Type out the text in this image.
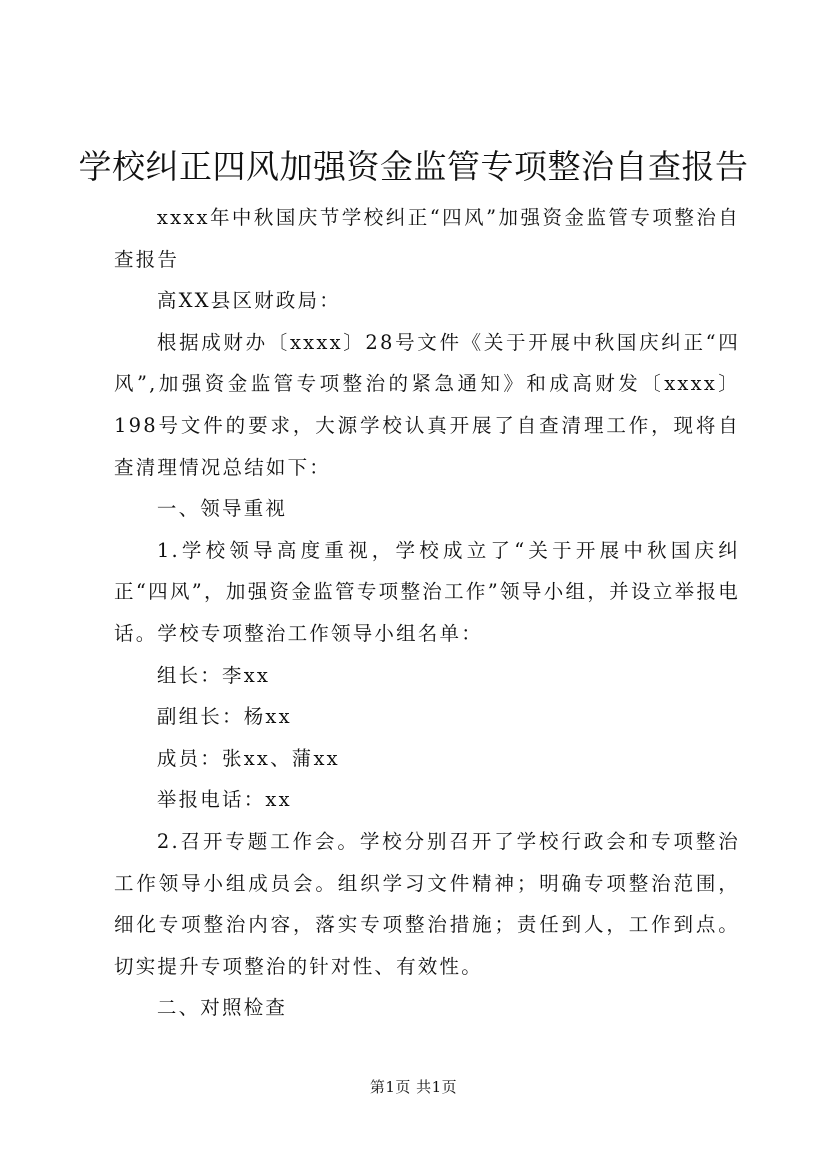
学校纠正四风加强资金监管专项整治自查报告

xxxx年中秋国庆节学校纠正“四风”加强资金监管专项整治自查报告

高XX县区财政局：

根据成财办〔xxxx〕28号文件《关于开展中秋国庆纠正“四风”,加强资金监管专项整治的紧急通知》和成高财发〔xxxx〕198号文件的要求，大源学校认真开展了自查清理工作，现将自查清理情况总结如下：

一、领导重视

1.学校领导高度重视，学校成立了“关于开展中秋国庆纠正“四风”，加强资金监管专项整治工作”领导小组，并设立举报电话。学校专项整治工作领导小组名单：

组长：李xx

副组长：杨xx

成员：张xx、蒲xx

举报电话：xx

2.召开专题工作会。学校分别召开了学校行政会和专项整治工作领导小组成员会。组织学习文件精神；明确专项整治范围，细化专项整治内容，落实专项整治措施；责任到人，工作到点。切实提升专项整治的针对性、有效性。

二、对照检查

第1页 共1页
